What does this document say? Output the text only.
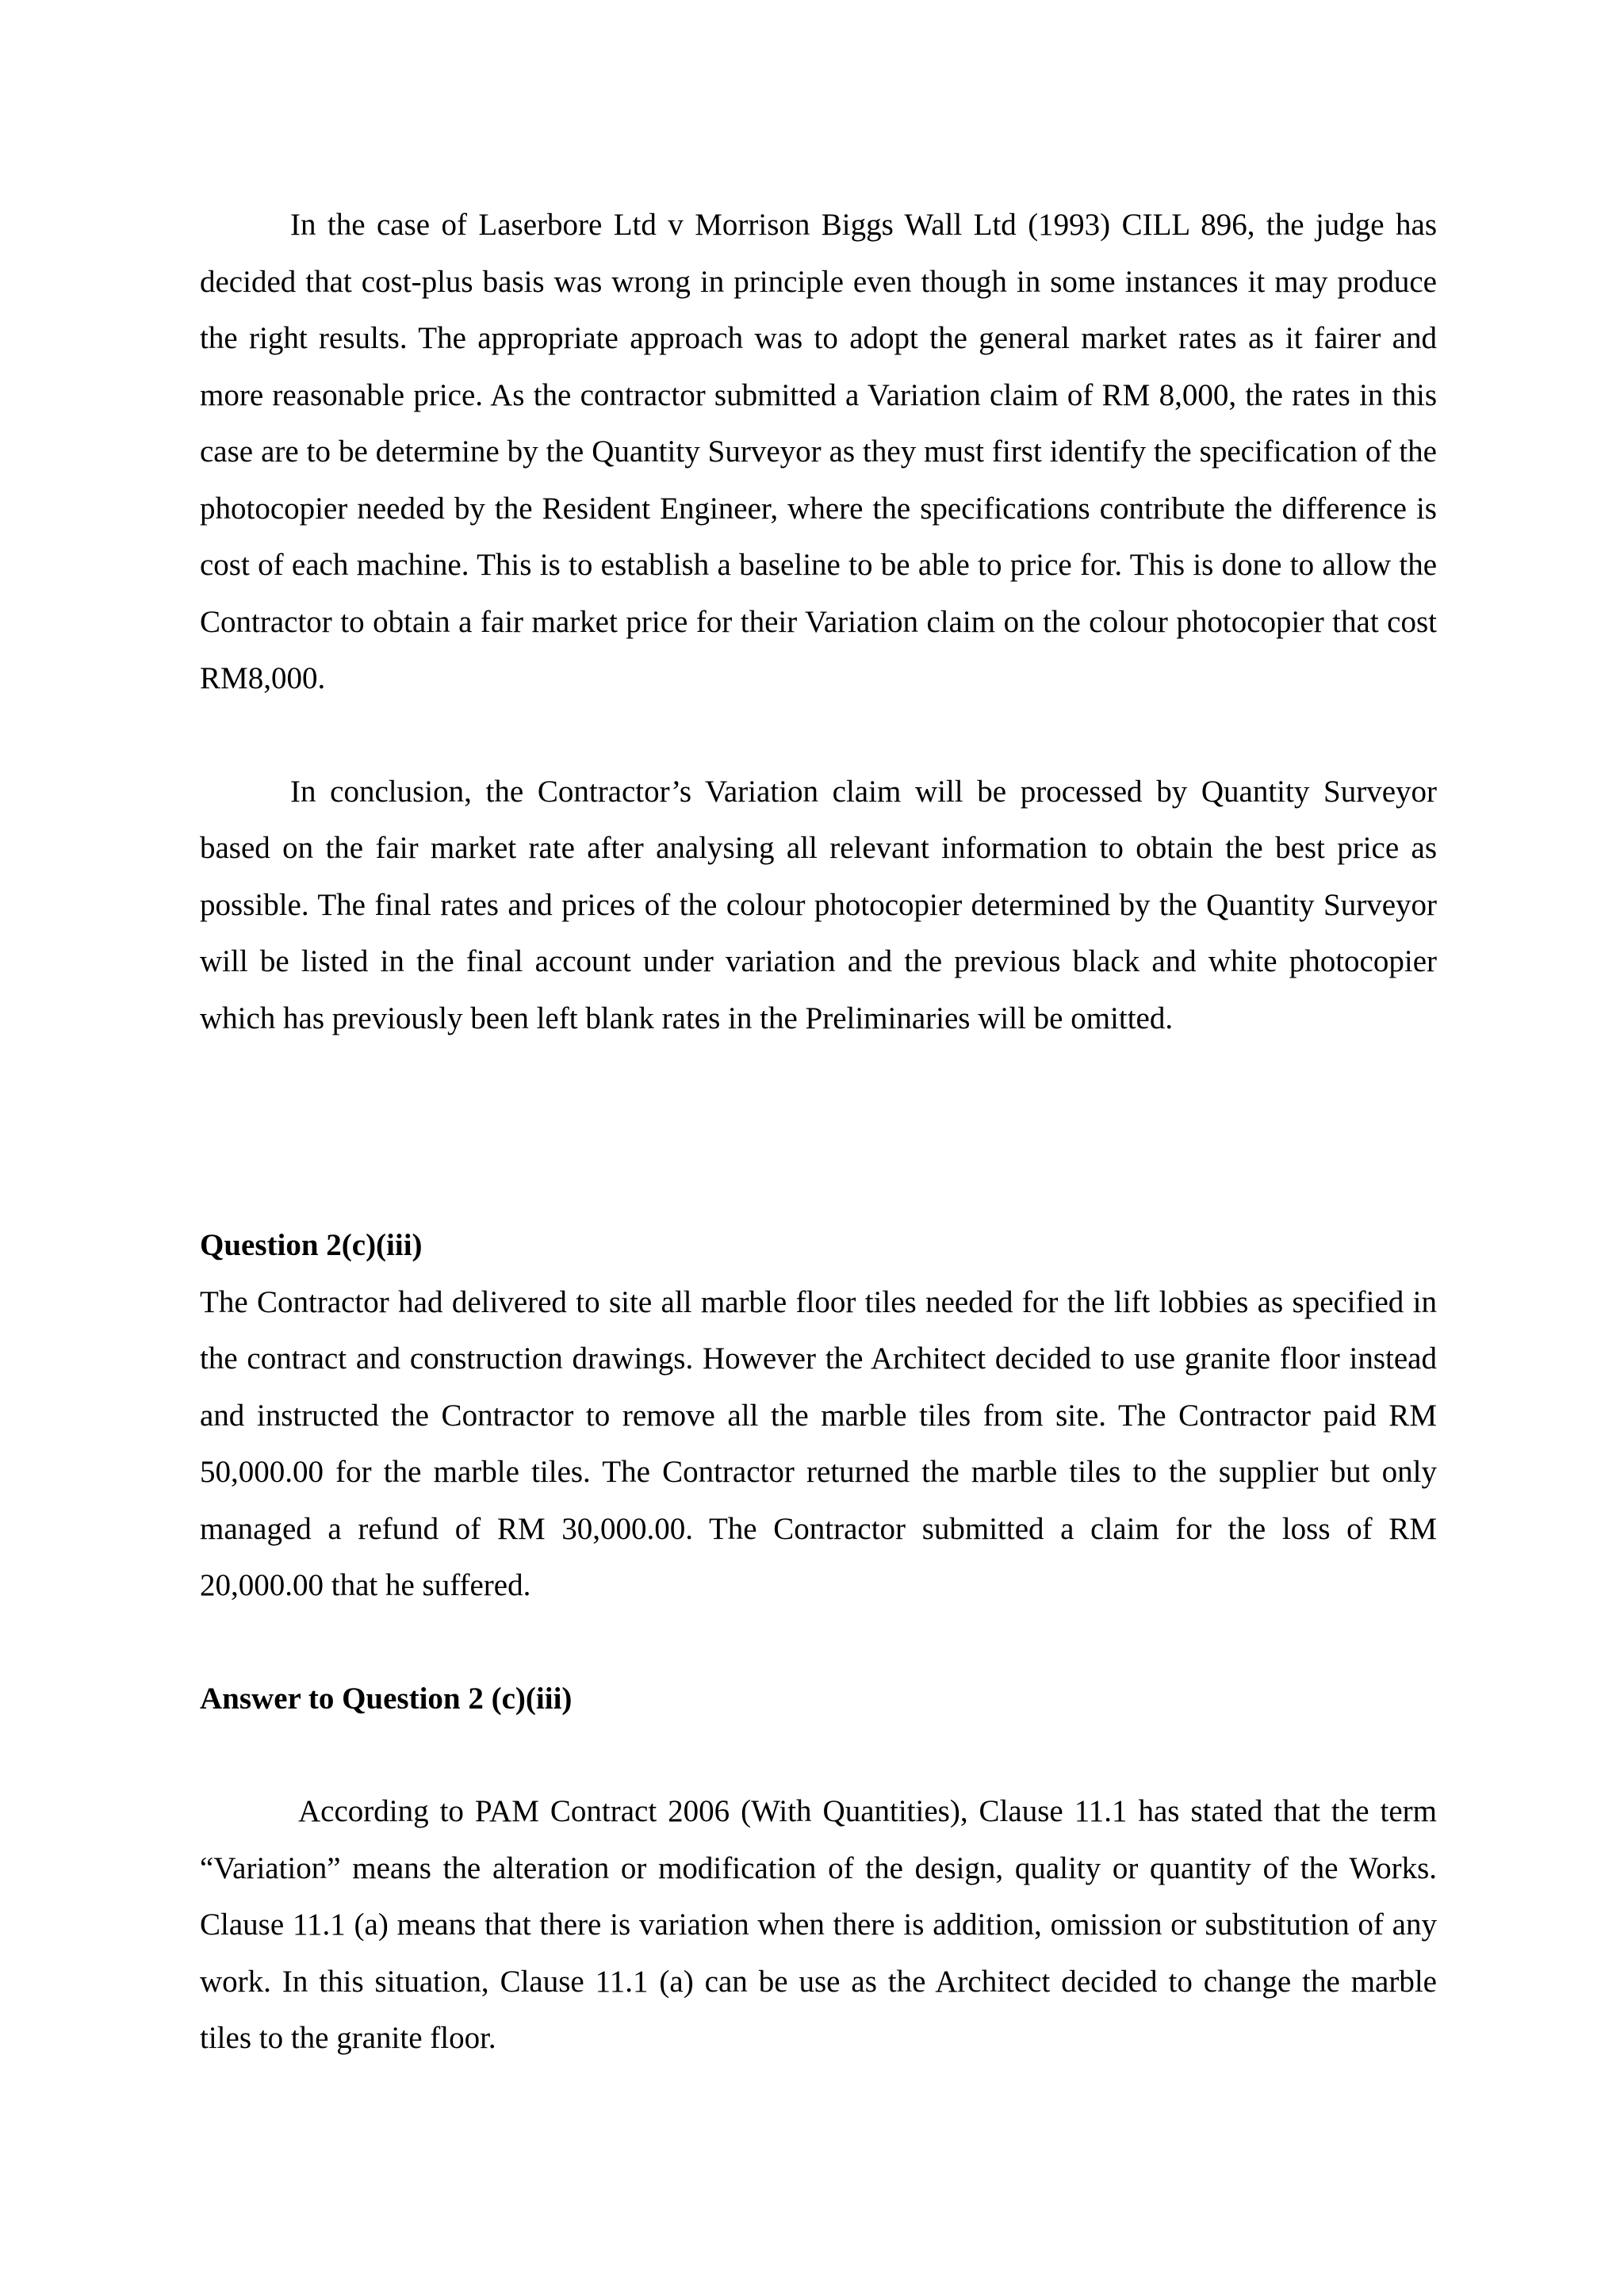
In the case of Laserbore Ltd v Morrison Biggs Wall Ltd (1993) CILL 896, the judge has decided that cost-plus basis was wrong in principle even though in some instances it may produce the right results. The appropriate approach was to adopt the general market rates as it fairer and more reasonable price. As the contractor submitted a Variation claim of RM 8,000, the rates in this case are to be determine by the Quantity Surveyor as they must first identify the specification of the photocopier needed by the Resident Engineer, where the specifications contribute the difference is cost of each machine. This is to establish a baseline to be able to price for. This is done to allow the Contractor to obtain a fair market price for their Variation claim on the colour photocopier that cost RM8,000.

In conclusion, the Contractor’s Variation claim will be processed by Quantity Surveyor based on the fair market rate after analysing all relevant information to obtain the best price as possible. The final rates and prices of the colour photocopier determined by the Quantity Surveyor will be listed in the final account under variation and the previous black and white photocopier which has previously been left blank rates in the Preliminaries will be omitted.

Question 2(c)(iii)

The Contractor had delivered to site all marble floor tiles needed for the lift lobbies as specified in the contract and construction drawings. However the Architect decided to use granite floor instead and instructed the Contractor to remove all the marble tiles from site. The Contractor paid RM 50,000.00 for the marble tiles. The Contractor returned the marble tiles to the supplier but only managed a refund of RM 30,000.00. The Contractor submitted a claim for the loss of RM 20,000.00 that he suffered.

Answer to Question 2 (c)(iii)

According to PAM Contract 2006 (With Quantities), Clause 11.1 has stated that the term “Variation” means the alteration or modification of the design, quality or quantity of the Works. Clause 11.1 (a) means that there is variation when there is addition, omission or substitution of any work. In this situation, Clause 11.1 (a) can be use as the Architect decided to change the marble tiles to the granite floor.
